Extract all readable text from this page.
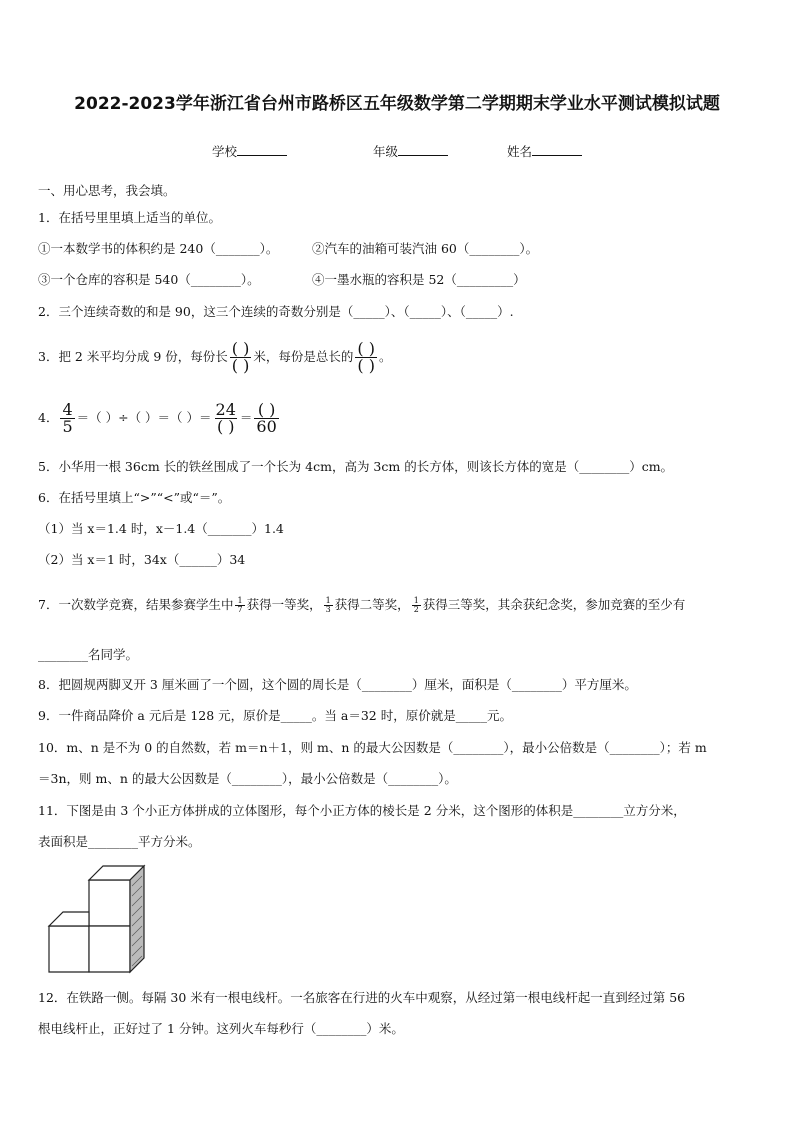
2022-2023学年浙江省台州市路桥区五年级数学第二学期期末学业水平测试模拟试题
学校	年级	姓名
一、用心思考，我会填。
1．在括号里里填上适当的单位。
①一本数学书的体积约是 240（_______）。	②汽车的油箱可装汽油 60（________）。
③一个仓库的容积是 540（________）。	④一墨水瓶的容积是 52（_________）
2．三个连续奇数的和是 90，这三个连续的奇数分别是（_____）、（_____）、（_____）.
3．把 2 米平均分成 9 份，每份长 $\frac{( )}{( )}$ 米，每份是总长的 $\frac{( )}{( )}$ 。
4． $\frac{4}{5}$ ＝（ ）÷（ ）＝（ ）＝ $\frac{24}{( )} = \frac{( )}{60}$
5．小华用一根 36cm 长的铁丝围成了一个长为 4cm，高为 3cm 的长方体，则该长方体的宽是（________）cm。
6．在括号里填上“>”“<”或“＝”。
（1）当 x＝1.4 时，x－1.4（_______）1.4
（2）当 x＝1 时，34x（______）34
7．一次数学竞赛，结果参赛学生中 $\frac{1}{7}$ 获得一等奖， $\frac{1}{3}$ 获得二等奖， $\frac{1}{2}$ 获得三等奖，其余获纪念奖，参加竞赛的至少有
________名同学。
8．把圆规两脚叉开 3 厘米画了一个圆，这个圆的周长是（________）厘米，面积是（________）平方厘米。
9．一件商品降价 a 元后是 128 元，原价是_____。当 a＝32 时，原价就是_____元。
10．m、n 是不为 0 的自然数，若 m＝n＋1，则 m、n 的最大公因数是（________），最小公倍数是（________）；若 m
＝3n，则 m、n 的最大公因数是（________），最小公倍数是（________）。
11．下图是由 3 个小正方体拼成的立体图形，每个小正方体的棱长是 2 分米，这个图形的体积是________立方分米，
表面积是________平方分米。
12．在铁路一侧。每隔 30 米有一根电线杆。一名旅客在行进的火车中观察，从经过第一根电线杆起一直到经过第 56
根电线杆止，正好过了 1 分钟。这列火车每秒行（________）米。
